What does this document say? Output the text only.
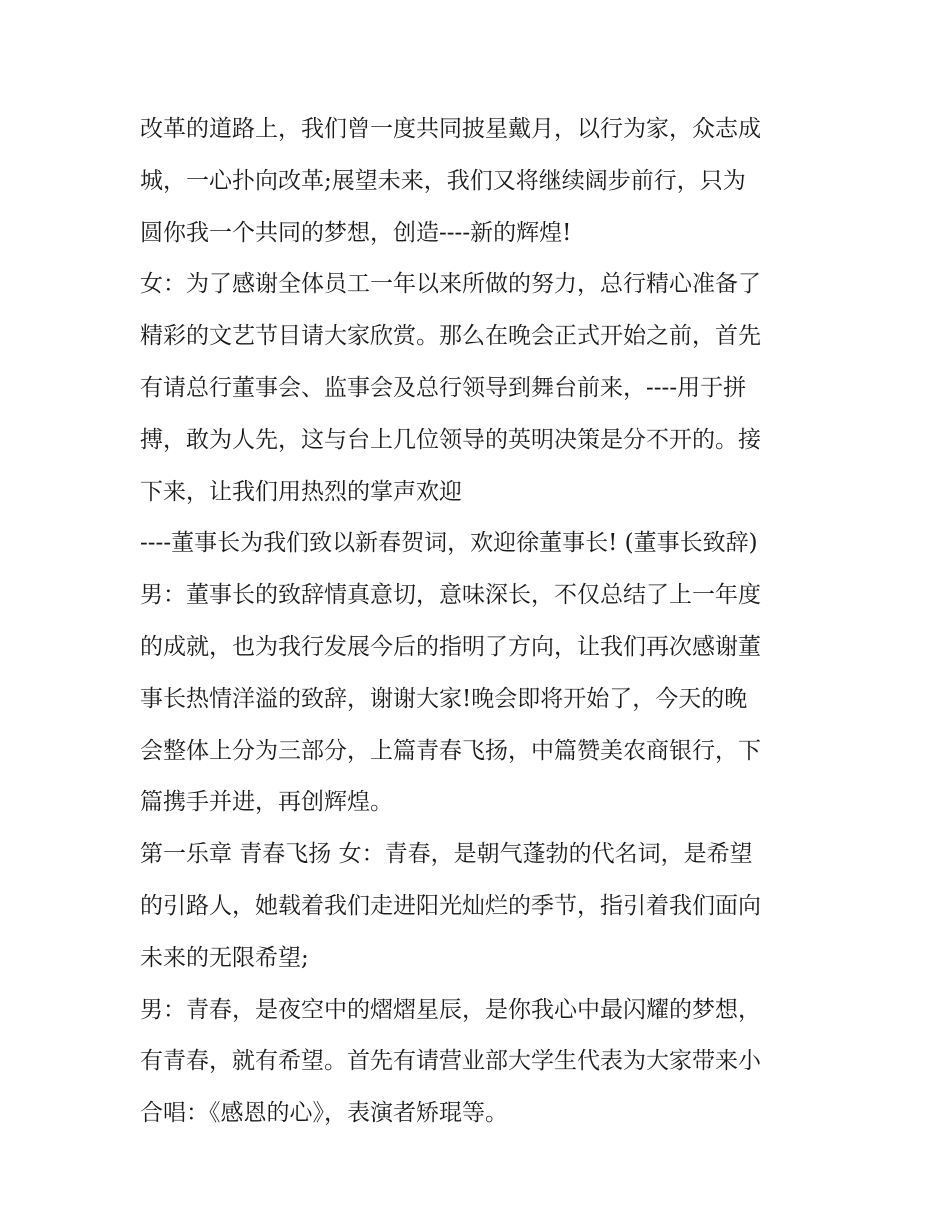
改革的道路上，我们曾一度共同披星戴月，以行为家，众志成
城，一心扑向改革;展望未来，我们又将继续阔步前行，只为
圆你我一个共同的梦想，创造----新的辉煌!
女：为了感谢全体员工一年以来所做的努力，总行精心准备了
精彩的文艺节目请大家欣赏。那么在晚会正式开始之前，首先
有请总行董事会、监事会及总行领导到舞台前来，----用于拼
搏，敢为人先，这与台上几位领导的英明决策是分不开的。接
下来，让我们用热烈的掌声欢迎
----董事长为我们致以新春贺词，欢迎徐董事长! (董事长致辞)
男：董事长的致辞情真意切，意味深长，不仅总结了上一年度
的成就，也为我行发展今后的指明了方向，让我们再次感谢董
事长热情洋溢的致辞，谢谢大家!晚会即将开始了，今天的晚
会整体上分为三部分，上篇青春飞扬，中篇赞美农商银行，下
篇携手并进，再创辉煌。
第一乐章 青春飞扬 女：青春，是朝气蓬勃的代名词，是希望
的引路人，她载着我们走进阳光灿烂的季节，指引着我们面向
未来的无限希望;
男：青春，是夜空中的熠熠星辰，是你我心中最闪耀的梦想，
有青春，就有希望。首先有请营业部大学生代表为大家带来小
合唱：《感恩的心》，表演者矫琨等。
